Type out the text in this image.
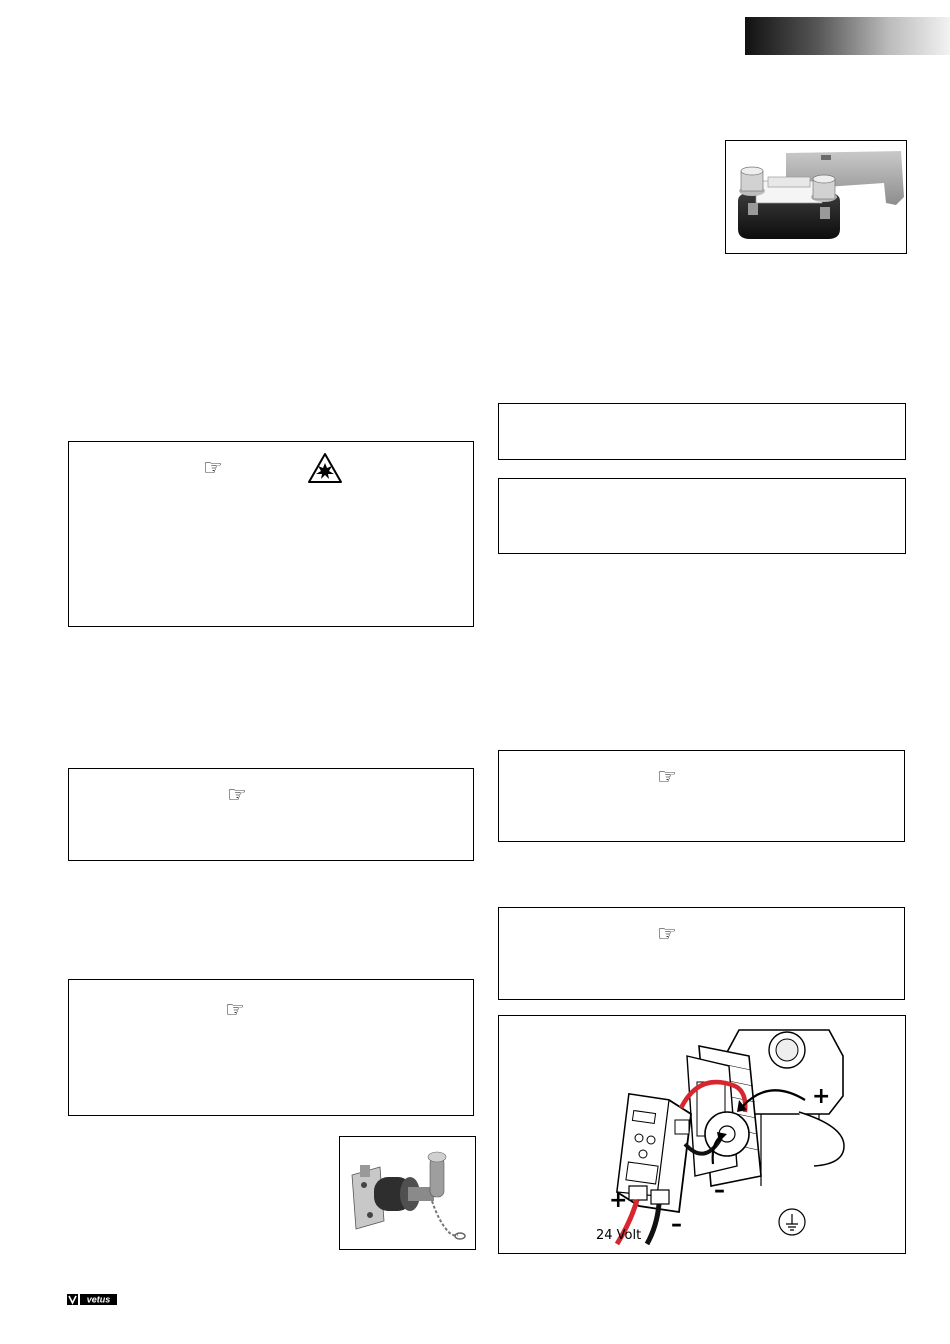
☞
☞
☞
☞
☞
+
–
+
–
24 Volt
vetus
